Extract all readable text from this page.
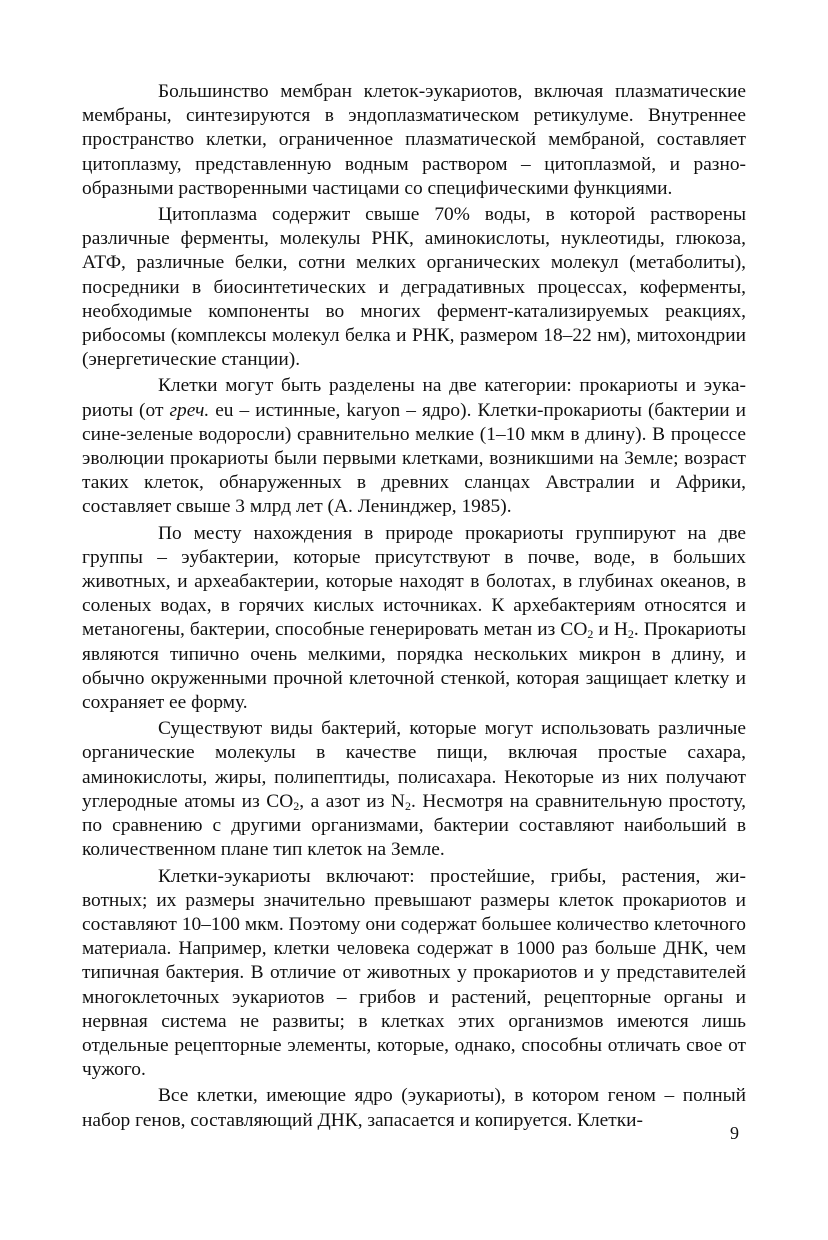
Большинство мембран клеток-эукариотов, включая плазматические мембраны, синтезируются в эндоплазматическом ретикулуме. Внутреннее пространство клетки, ограниченное плазматической мембраной, составляет цитоплазму, представленную водным раствором – цитоплазмой, и разнообразными растворенными частицами со специфическими функциями.

Цитоплазма содержит свыше 70% воды, в которой растворены различные ферменты, молекулы РНК, аминокислоты, нуклеотиды, глюкоза, АТФ, различные белки, сотни мелких органических молекул (метаболиты), посредники в биосинтетических и деградативных процессах, коферменты, необходимые компоненты во многих фермент-катализируемых реакциях, рибосомы (комплексы молекул белка и РНК, размером 18–22 нм), митохондрии (энергетические станции).

Клетки могут быть разделены на две категории: прокариоты и эукариоты (от греч. eu – истинные, karyon – ядро). Клетки-прокариоты (бактерии и сине-зеленые водоросли) сравнительно мелкие (1–10 мкм в длину). В процессе эволюции прокариоты были первыми клетками, возникшими на Земле; возраст таких клеток, обнаруженных в древних сланцах Австралии и Африки, составляет свыше 3 млрд лет (А. Ленинджер, 1985).

По месту нахождения в природе прокариоты группируют на две группы – эубактерии, которые присутствуют в почве, воде, в больших животных, и археабактерии, которые находят в болотах, в глубинах океанов, в соленых водах, в горячих кислых источниках. К архебактериям относятся и метаногены, бактерии, способные генерировать метан из $CO_2$ и $H_2$. Прокариоты являются типично очень мелкими, порядка нескольких микрон в длину, и обычно окруженными прочной клеточной стенкой, которая защищает клетку и сохраняет ее форму.

Существуют виды бактерий, которые могут использовать различные органические молекулы в качестве пищи, включая простые сахара, аминокислоты, жиры, полипептиды, полисахара. Некоторые из них получают углеродные атомы из $CO_2$, а азот из $N_2$. Несмотря на сравнительную простоту, по сравнению с другими организмами, бактерии составляют наибольший в количественном плане тип клеток на Земле.

Клетки-эукариоты включают: простейшие, грибы, растения, животных; их размеры значительно превышают размеры клеток прокариотов и составляют 10–100 мкм. Поэтому они содержат большее количество клеточного материала. Например, клетки человека содержат в 1000 раз больше ДНК, чем типичная бактерия. В отличие от животных у прокариотов и у представителей многоклеточных эукариотов – грибов и растений, рецепторные органы и нервная система не развиты; в клетках этих организмов имеются лишь отдельные рецепторные элементы, которые, однако, способны отличать свое от чужого.

Все клетки, имеющие ядро (эукариоты), в котором геном – полный набор генов, составляющий ДНК, запасается и копируется. Клетки-

9
